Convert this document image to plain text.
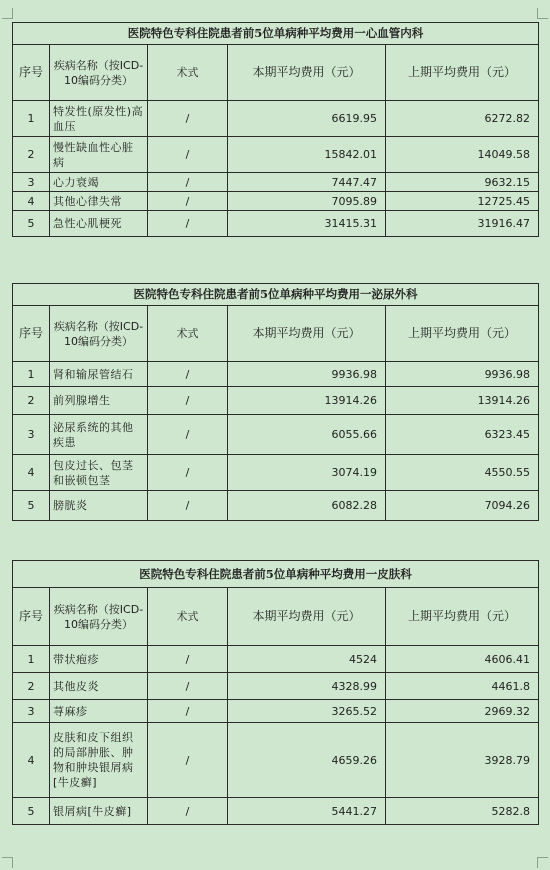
医院特色专科住院患者前5位单病种平均费用一心血管内科				
序号	疾病名称（按ICD-10编码分类）	术式	本期平均费用（元）	上期平均费用（元）
1	特发性(原发性)高血压	/	6619.95	6272.82
2	慢性缺血性心脏病	/	15842.01	14049.58
3	心力衰竭	/	7447.47	9632.15
4	其他心律失常	/	7095.89	12725.45
5	急性心肌梗死	/	31415.31	31916.47
医院特色专科住院患者前5位单病种平均费用一泌尿外科				
序号	疾病名称（按ICD-10编码分类）	术式	本期平均费用（元）	上期平均费用（元）
1	肾和输尿管结石	/	9936.98	9936.98
2	前列腺增生	/	13914.26	13914.26
3	泌尿系统的其他疾患	/	6055.66	6323.45
4	包皮过长、包茎和嵌顿包茎	/	3074.19	4550.55
5	膀胱炎	/	6082.28	7094.26
医院特色专科住院患者前5位单病种平均费用一皮肤科				
序号	疾病名称（按ICD-10编码分类）	术式	本期平均费用（元）	上期平均费用（元）
1	带状疱疹	/	4524	4606.41
2	其他皮炎	/	4328.99	4461.8
3	荨麻疹	/	3265.52	2969.32
4	皮肤和皮下组织的局部肿胀、肿物和肿块银屑病[牛皮癣]	/	4659.26	3928.79
5	银屑病[牛皮癣]	/	5441.27	5282.8
